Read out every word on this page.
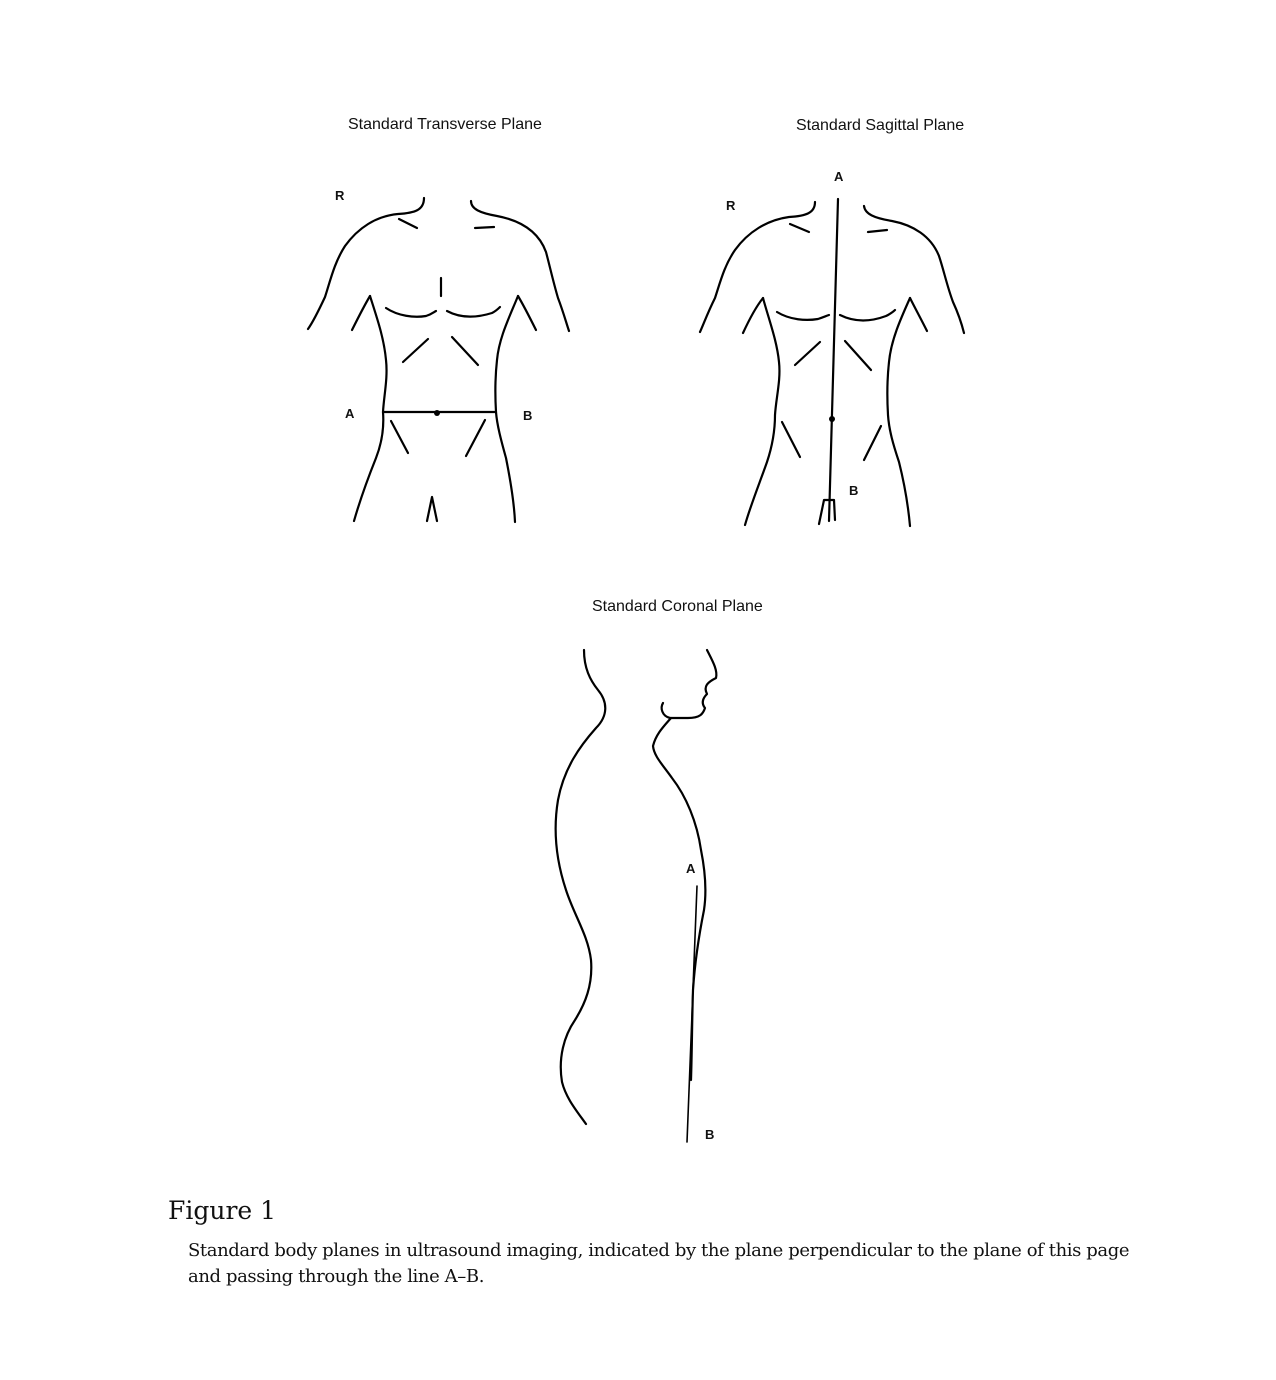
Standard Transverse Plane	Standard Sagittal Plane
Standard Coronal Plane
R
A	B
A
R
B
A
B
Figure 1
Standard body planes in ultrasound imaging, indicated by the plane perpendicular to the plane of this page and passing through the line A–B.
